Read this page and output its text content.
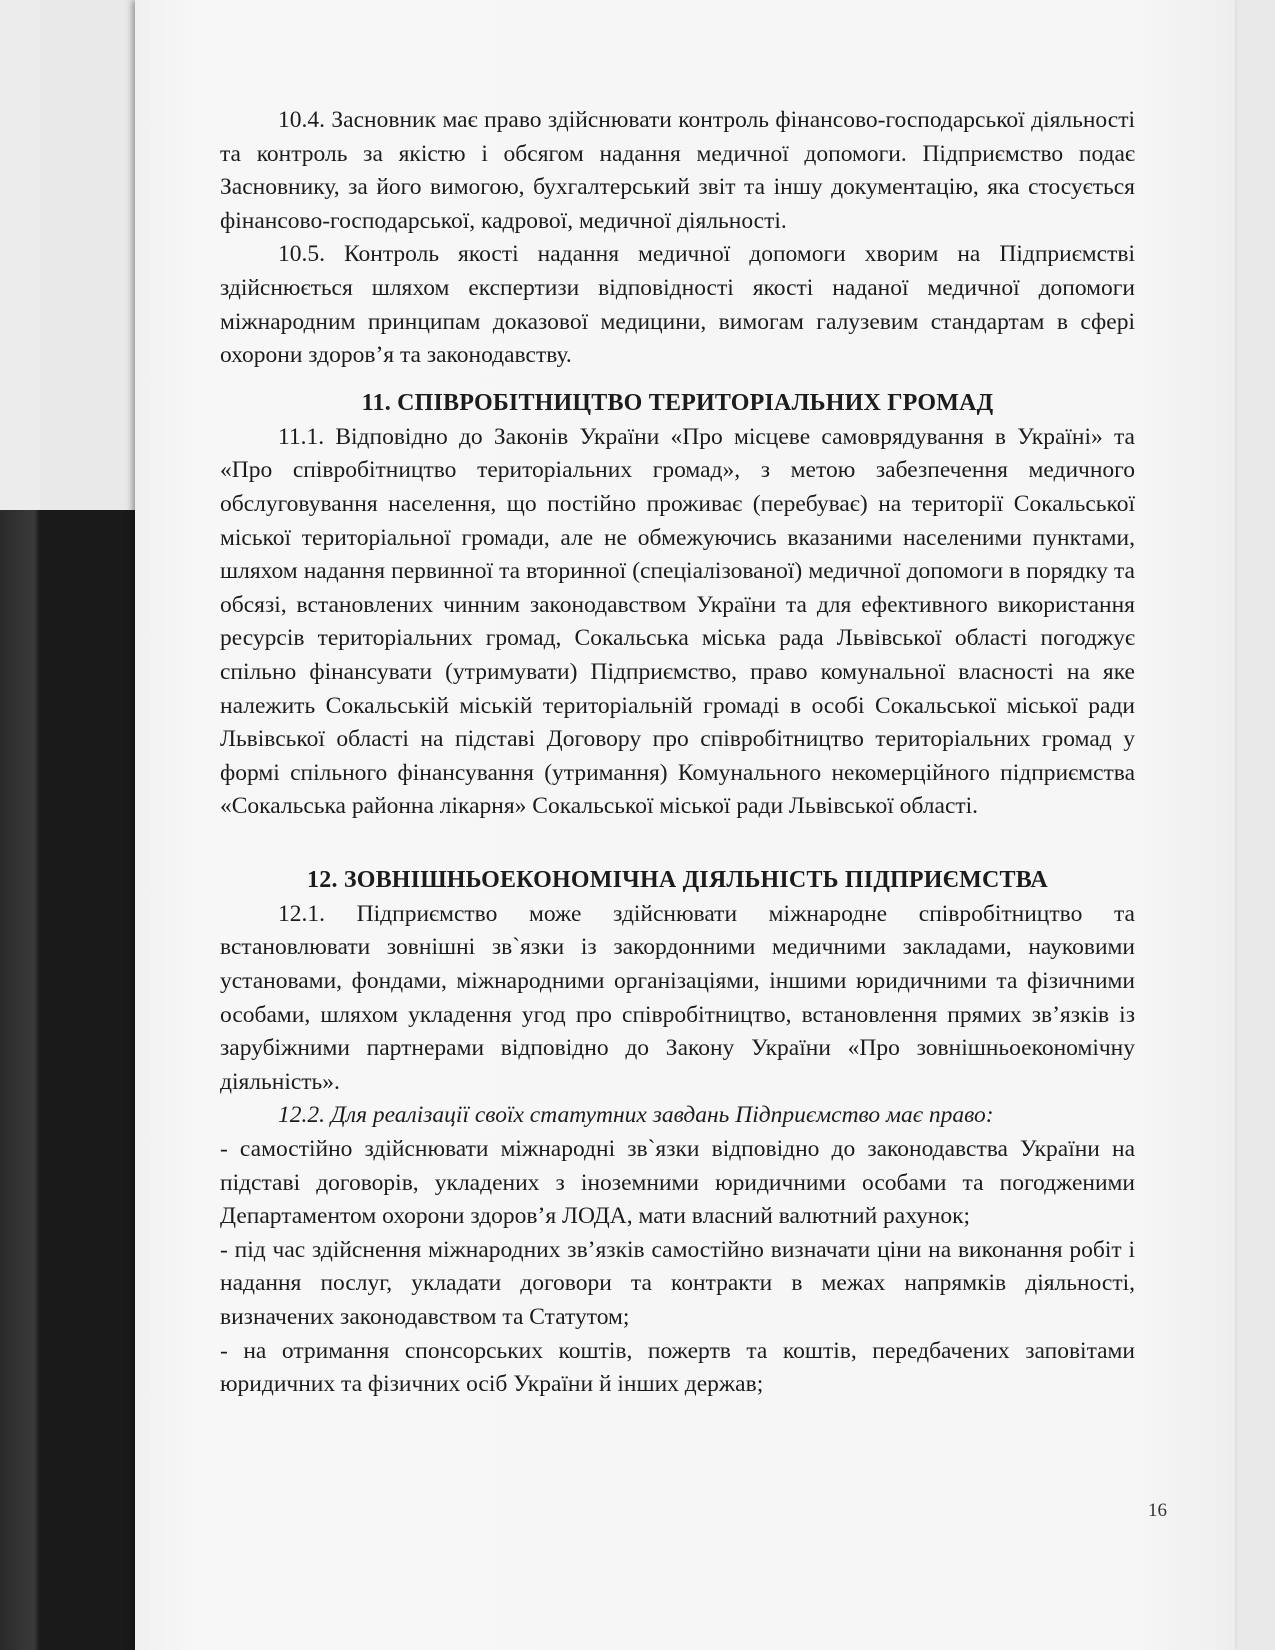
10.4. Засновник має право здійснювати контроль фінансово-господарської діяльності та контроль за якістю і обсягом надання медичної допомоги. Підприємство подає Засновнику, за його вимогою, бухгалтерський звіт та іншу документацію, яка стосується фінансово-господарської, кадрової, медичної діяльності.

10.5. Контроль якості надання медичної допомоги хворим на Підприємстві здійснюється шляхом експертизи відповідності якості наданої медичної допомоги міжнародним принципам доказової медицини, вимогам галузевим стандартам в сфері охорони здоров’я та законодавству.

11. СПІВРОБІТНИЦТВО ТЕРИТОРІАЛЬНИХ ГРОМАД

11.1. Відповідно до Законів України «Про місцеве самоврядування в Україні» та «Про співробітництво територіальних громад», з метою забезпечення медичного обслуговування населення, що постійно проживає (перебуває) на території Сокальської міської територіальної громади, але не обмежуючись вказаними населеними пунктами, шляхом надання первинної та вторинної (спеціалізованої) медичної допомоги в порядку та обсязі, встановлених чинним законодавством України та для ефективного використання ресурсів територіальних громад, Сокальська міська рада Львівської області погоджує спільно фінансувати (утримувати) Підприємство, право комунальної власності на яке належить Сокальській міській територіальній громаді в особі Сокальської міської ради Львівської області на підставі Договору про співробітництво територіальних громад у формі спільного фінансування (утримання) Комунального некомерційного підприємства «Сокальська районна лікарня» Сокальської міської ради Львівської області.

12. ЗОВНІШНЬОЕКОНОМІЧНА ДІЯЛЬНІСТЬ ПІДПРИЄМСТВА

12.1. Підприємство може здійснювати міжнародне співробітництво та встановлювати зовнішні зв`язки із закордонними медичними закладами, науковими установами, фондами, міжнародними організаціями, іншими юридичними та фізичними особами, шляхом укладення угод про співробітництво, встановлення прямих зв’язків із зарубіжними партнерами відповідно до Закону України «Про зовнішньоекономічну діяльність».

12.2. Для реалізації своїх статутних завдань Підприємство має право:

- самостійно здійснювати міжнародні зв`язки відповідно до законодавства України на підставі договорів, укладених з іноземними юридичними особами та погодженими Департаментом охорони здоров’я ЛОДА, мати власний валютний рахунок;

- під час здійснення міжнародних зв’язків самостійно визначати ціни на виконання робіт і надання послуг, укладати договори та контракти в межах напрямків діяльності, визначених законодавством та Статутом;

- на отримання спонсорських коштів, пожертв та коштів, передбачених заповітами юридичних та фізичних осіб України й інших держав;

16
